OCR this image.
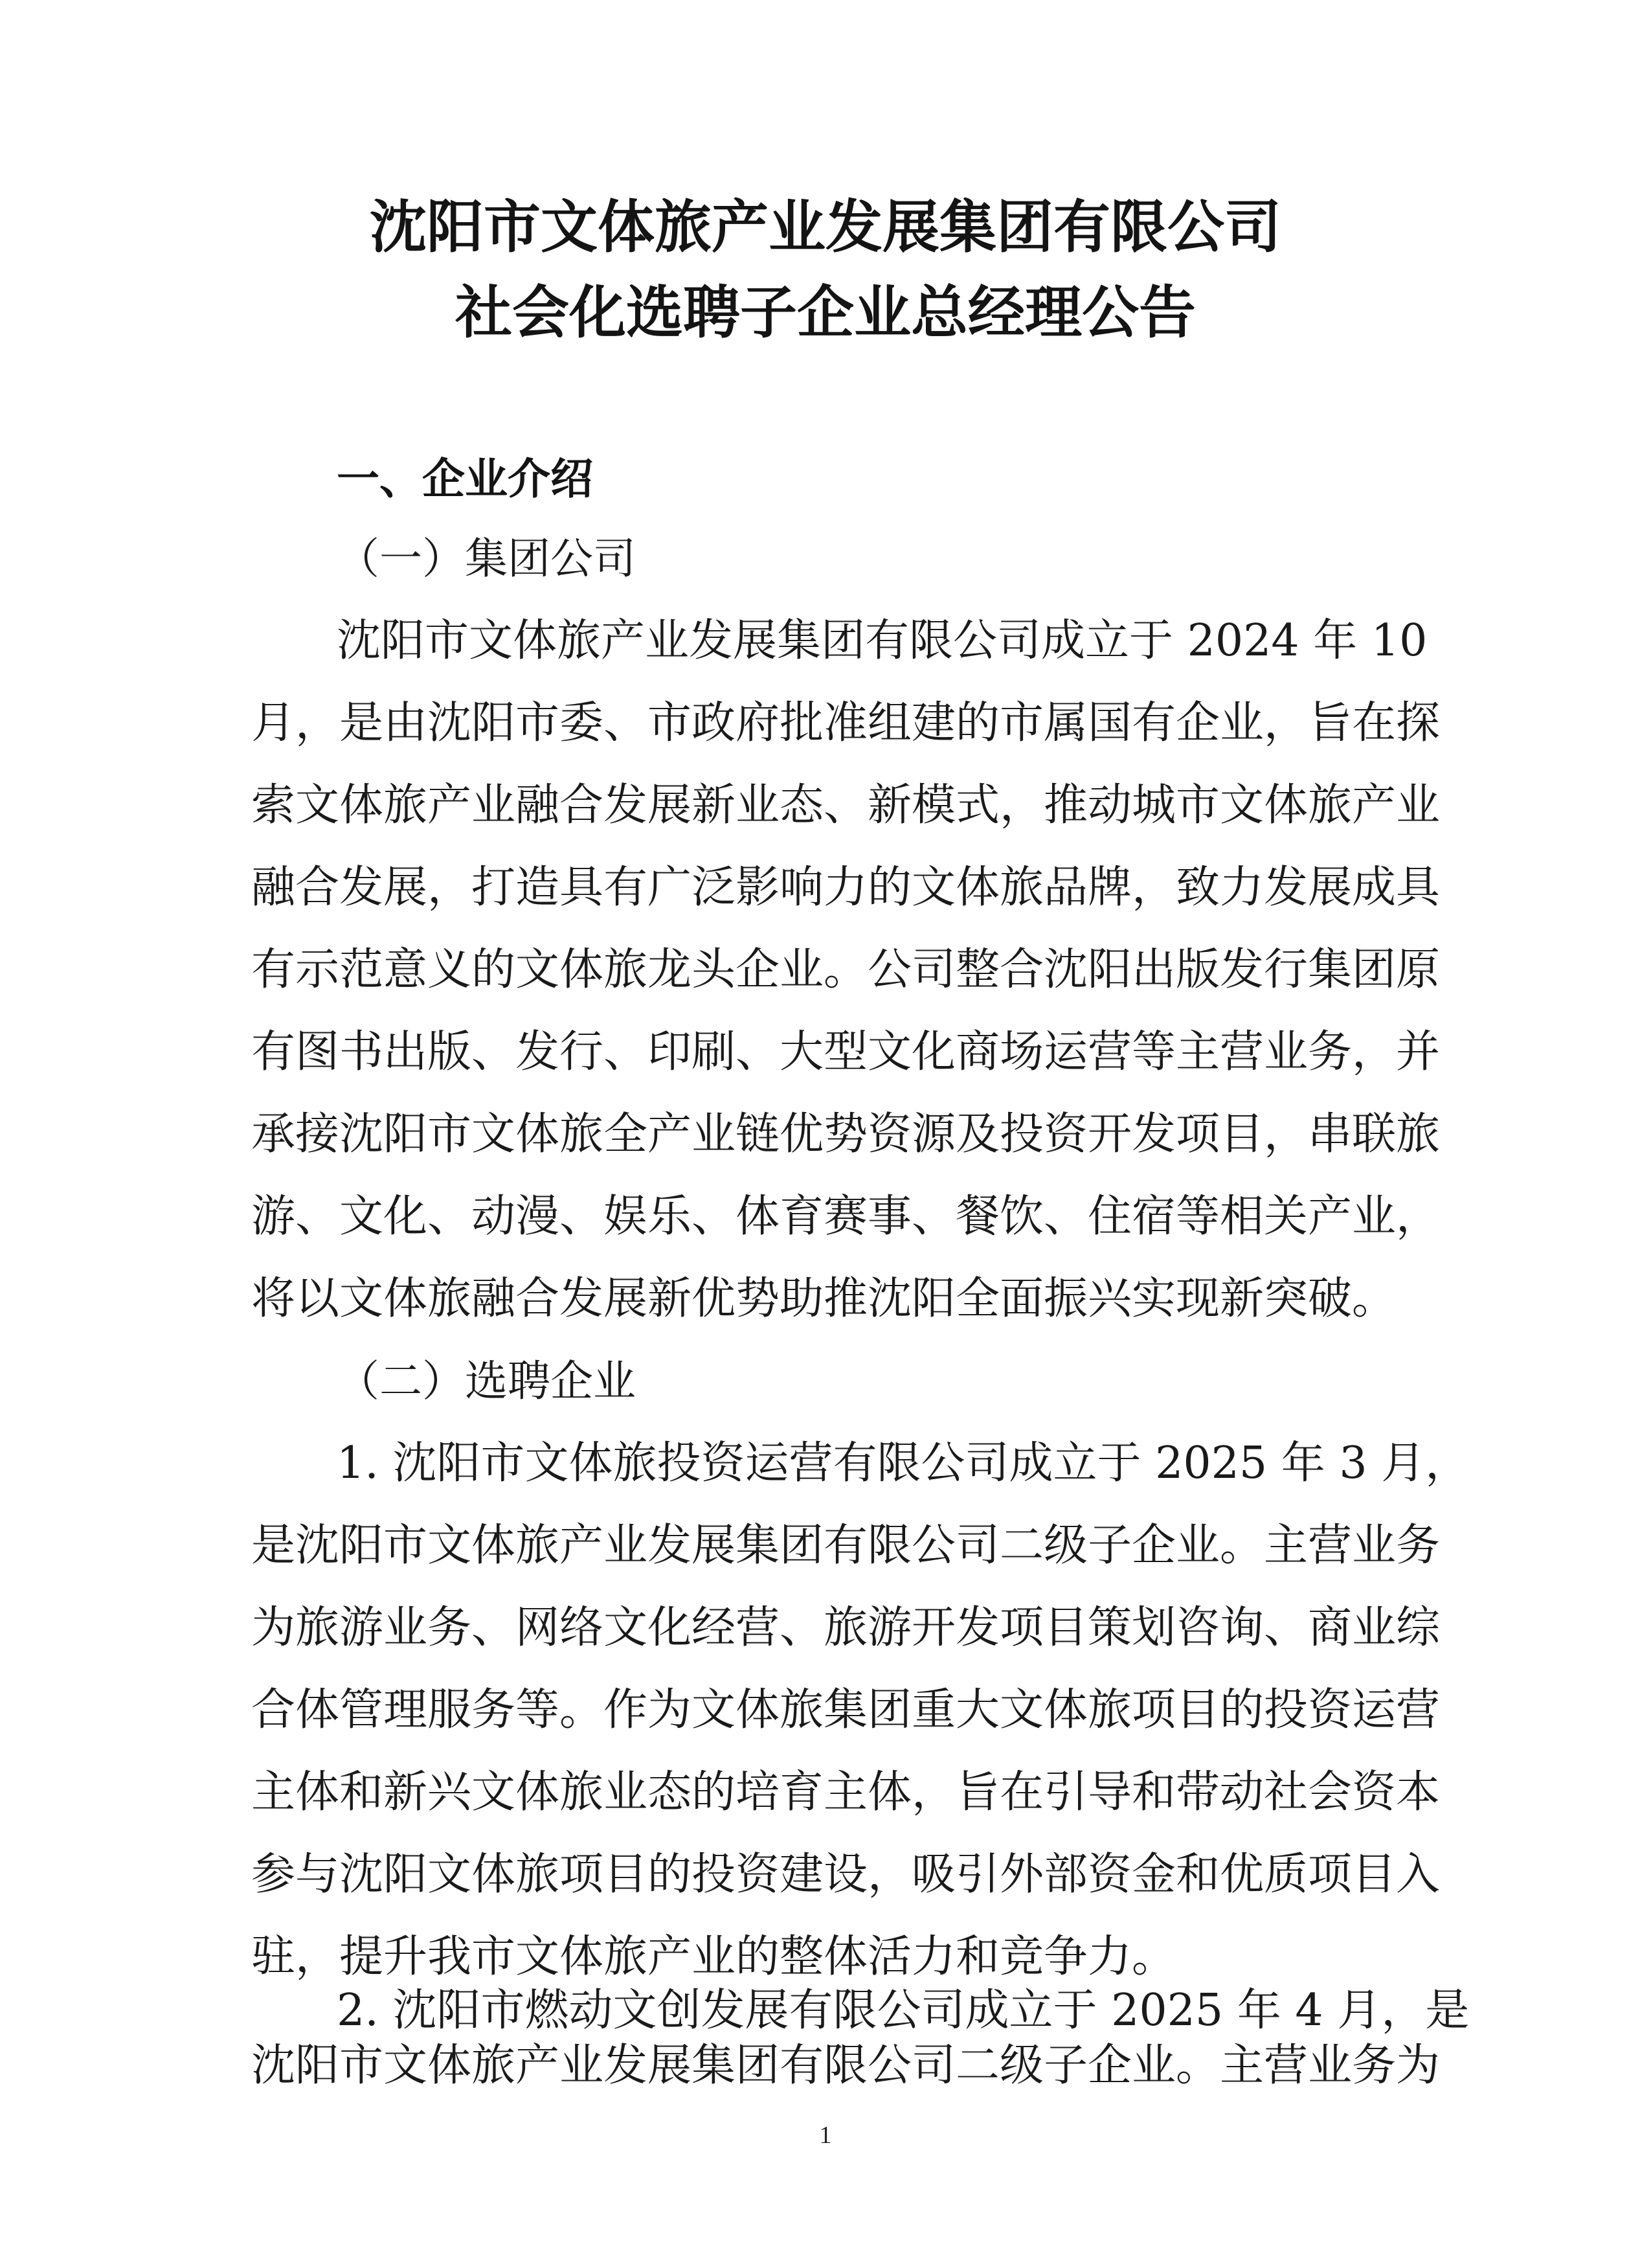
沈阳市文体旅产业发展集团有限公司
社会化选聘子企业总经理公告
一、企业介绍
（一）集团公司
沈阳市文体旅产业发展集团有限公司成立于 2024 年 10
月，是由沈阳市委、市政府批准组建的市属国有企业，旨在探
索文体旅产业融合发展新业态、新模式，推动城市文体旅产业
融合发展，打造具有广泛影响力的文体旅品牌，致力发展成具
有示范意义的文体旅龙头企业。公司整合沈阳出版发行集团原
有图书出版、发行、印刷、大型文化商场运营等主营业务，并
承接沈阳市文体旅全产业链优势资源及投资开发项目，串联旅
游、文化、动漫、娱乐、体育赛事、餐饮、住宿等相关产业，
将以文体旅融合发展新优势助推沈阳全面振兴实现新突破。
（二）选聘企业
1. 沈阳市文体旅投资运营有限公司成立于 2025 年 3 月，
是沈阳市文体旅产业发展集团有限公司二级子企业。主营业务
为旅游业务、网络文化经营、旅游开发项目策划咨询、商业综
合体管理服务等。作为文体旅集团重大文体旅项目的投资运营
主体和新兴文体旅业态的培育主体，旨在引导和带动社会资本
参与沈阳文体旅项目的投资建设，吸引外部资金和优质项目入
驻，提升我市文体旅产业的整体活力和竞争力。
2. 沈阳市燃动文创发展有限公司成立于 2025 年 4 月，是
沈阳市文体旅产业发展集团有限公司二级子企业。主营业务为
1
